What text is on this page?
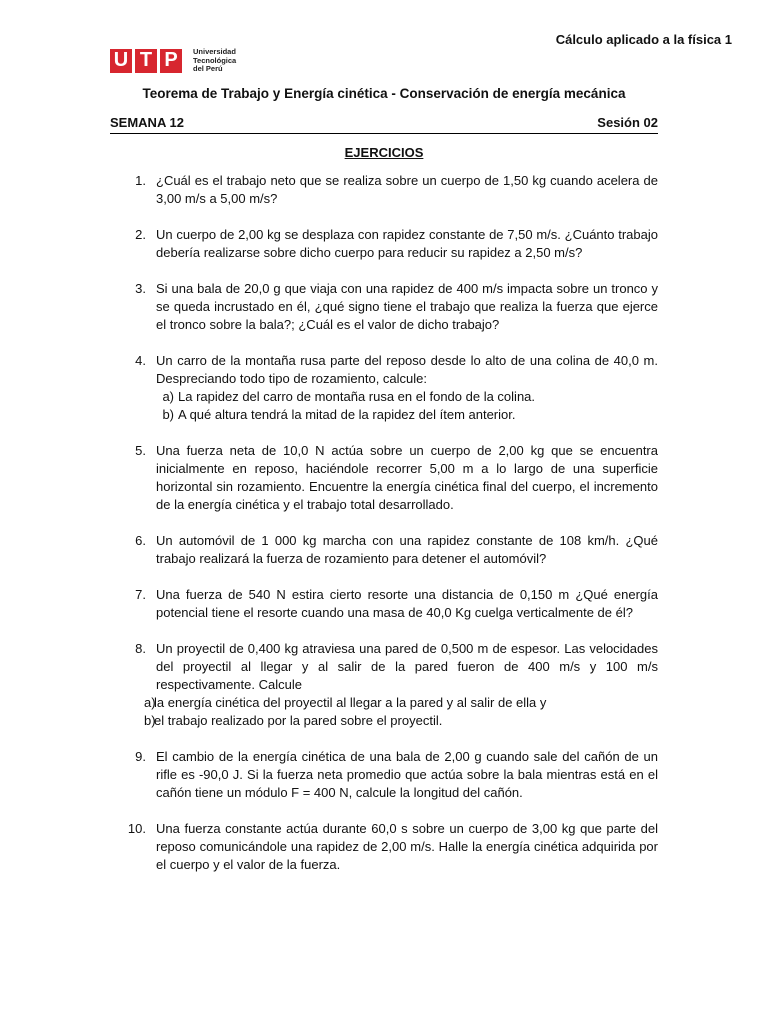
Cálculo aplicado a la física 1
U T P	Universidad
Tecnológica
del Perú
Teorema de Trabajo y Energía cinética - Conservación de energía mecánica
SEMANA 12	Sesión 02
EJERCICIOS
1. ¿Cuál es el trabajo neto que se realiza sobre un cuerpo de 1,50 kg cuando acelera de 3,00 m/s a 5,00 m/s?
2. Un cuerpo de 2,00 kg se desplaza con rapidez constante de 7,50 m/s. ¿Cuánto trabajo debería realizarse sobre dicho cuerpo para reducir su rapidez a 2,50 m/s?
3. Si una bala de 20,0 g que viaja con una rapidez de 400 m/s impacta sobre un tronco y se queda incrustado en él, ¿qué signo tiene el trabajo que realiza la fuerza que ejerce el tronco sobre la bala?; ¿Cuál es el valor de dicho trabajo?
4. Un carro de la montaña rusa parte del reposo desde lo alto de una colina de 40,0 m. Despreciando todo tipo de rozamiento, calcule:
a) La rapidez del carro de montaña rusa en el fondo de la colina.
b) A qué altura tendrá la mitad de la rapidez del ítem anterior.
5. Una fuerza neta de 10,0 N actúa sobre un cuerpo de 2,00 kg que se encuentra inicialmente en reposo, haciéndole recorrer 5,00 m a lo largo de una superficie horizontal sin rozamiento. Encuentre la energía cinética final del cuerpo, el incremento de la energía cinética y el trabajo total desarrollado.
6. Un automóvil de 1 000 kg marcha con una rapidez constante de 108 km/h. ¿Qué trabajo realizará la fuerza de rozamiento para detener el automóvil?
7. Una fuerza de 540 N estira cierto resorte una distancia de 0,150 m ¿Qué energía potencial tiene el resorte cuando una masa de 40,0 Kg cuelga verticalmente de él?
8. Un proyectil de 0,400 kg atraviesa una pared de 0,500 m de espesor. Las velocidades del proyectil al llegar y al salir de la pared fueron de 400 m/s y 100 m/s respectivamente. Calcule
a)
la energía cinética del proyectil al llegar a la pared y al salir de ella y
b)
el trabajo realizado por la pared sobre el proyectil.
9. El cambio de la energía cinética de una bala de 2,00 g cuando sale del cañón de un rifle es -90,0 J. Si la fuerza neta promedio que actúa sobre la bala mientras está en el cañón tiene un módulo F = 400 N, calcule la longitud del cañón.
10. Una fuerza constante actúa durante 60,0 s sobre un cuerpo de 3,00 kg que parte del reposo comunicándole una rapidez de 2,00 m/s. Halle la energía cinética adquirida por el cuerpo y el valor de la fuerza.
